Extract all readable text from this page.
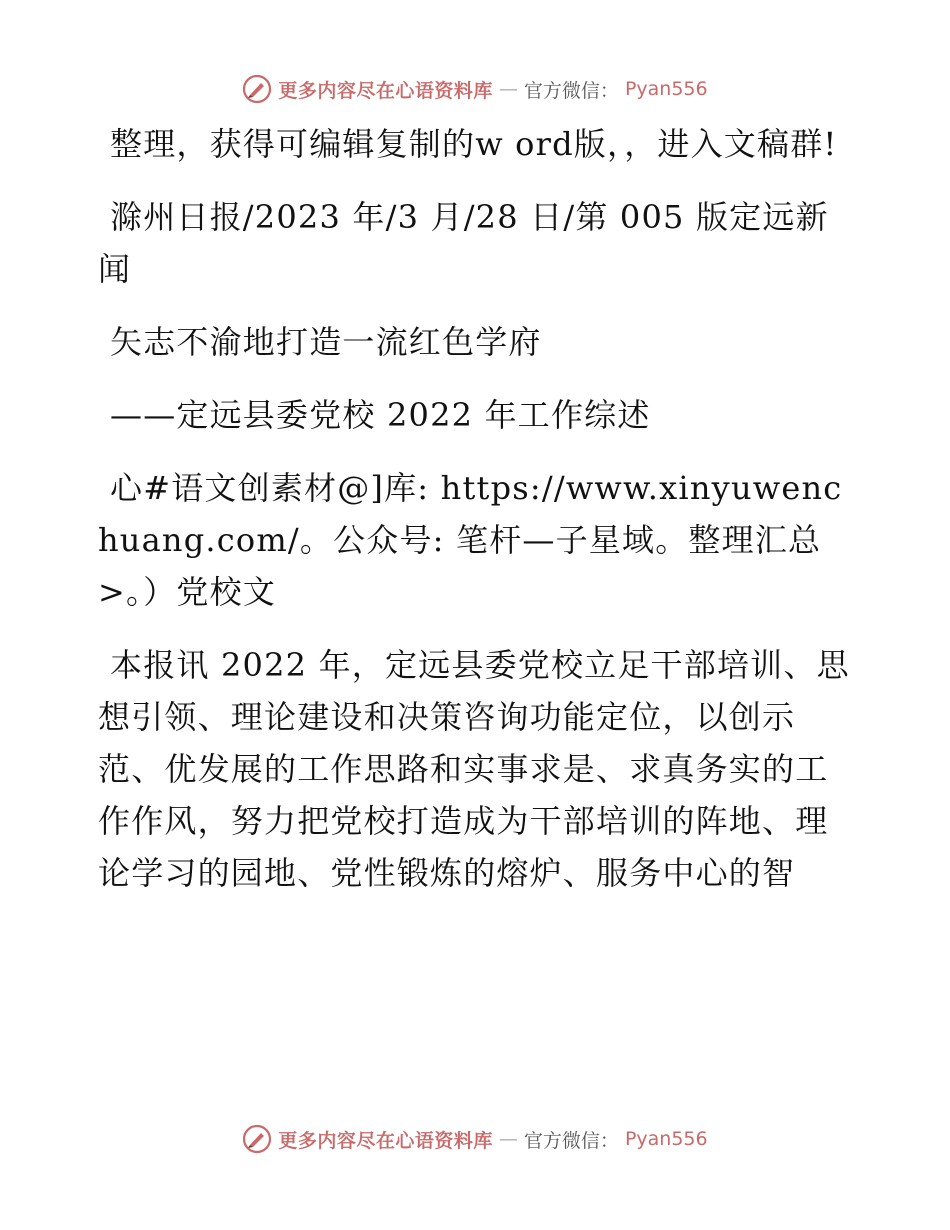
更多内容尽在心语资料库 — 官方微信： Pyan556

整理，获得可编辑复制的w ord版，，进入文稿群!

滁州日报/2023 年/3 月/28 日/第 005 版定远新闻

矢志不渝地打造一流红色学府

——定远县委党校 2022 年工作综述

心#语文创素材@]库: https://www.xinyuwenchuang.com/。公众号: 笔杆—子星域。整理汇总>。）党校文

本报讯 2022 年，定远县委党校立足干部培训、思想引领、理论建设和决策咨询功能定位，以创示范、优发展的工作思路和实事求是、求真务实的工作作风，努力把党校打造成为干部培训的阵地、理论学习的园地、党性锻炼的熔炉、服务中心的智

更多内容尽在心语资料库 — 官方微信： Pyan556
